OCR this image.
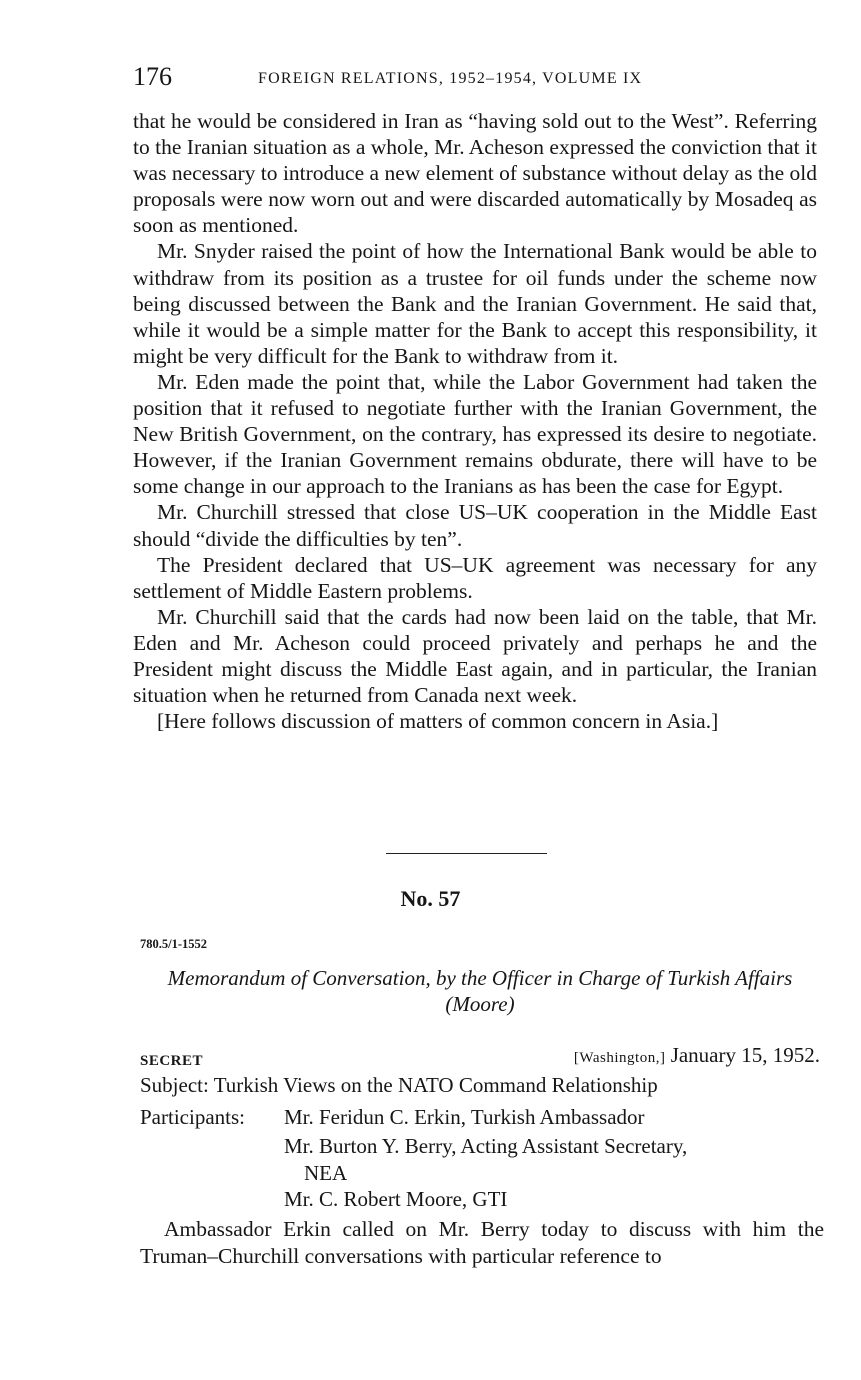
176	FOREIGN RELATIONS, 1952–1954, VOLUME IX

that he would be considered in Iran as “having sold out to the West”. Referring to the Iranian situation as a whole, Mr. Acheson expressed the conviction that it was necessary to introduce a new element of substance without delay as the old proposals were now worn out and were discarded automatically by Mosadeq as soon as mentioned.

Mr. Snyder raised the point of how the International Bank would be able to withdraw from its position as a trustee for oil funds under the scheme now being discussed between the Bank and the Iranian Government. He said that, while it would be a simple matter for the Bank to accept this responsibility, it might be very difficult for the Bank to withdraw from it.

Mr. Eden made the point that, while the Labor Government had taken the position that it refused to negotiate further with the Iranian Government, the New British Government, on the contrary, has expressed its desire to negotiate. However, if the Iranian Government remains obdurate, there will have to be some change in our approach to the Iranians as has been the case for Egypt.

Mr. Churchill stressed that close US–UK cooperation in the Middle East should “divide the difficulties by ten”.

The President declared that US–UK agreement was necessary for any settlement of Middle Eastern problems.

Mr. Churchill said that the cards had now been laid on the table, that Mr. Eden and Mr. Acheson could proceed privately and perhaps he and the President might discuss the Middle East again, and in particular, the Iranian situation when he returned from Canada next week.

[Here follows discussion of matters of common concern in Asia.]

No. 57
780.5/1-1552
Memorandum of Conversation, by the Officer in Charge of Turkish Affairs (Moore)
SECRET	[Washington,] January 15, 1952.
Subject: Turkish Views on the NATO Command Relationship
Participants: Mr. Feridun C. Erkin, Turkish Ambassador
Mr. Burton Y. Berry, Acting Assistant Secretary,
NEA
Mr. C. Robert Moore, GTI

Ambassador Erkin called on Mr. Berry today to discuss with him the Truman–Churchill conversations with particular reference to
